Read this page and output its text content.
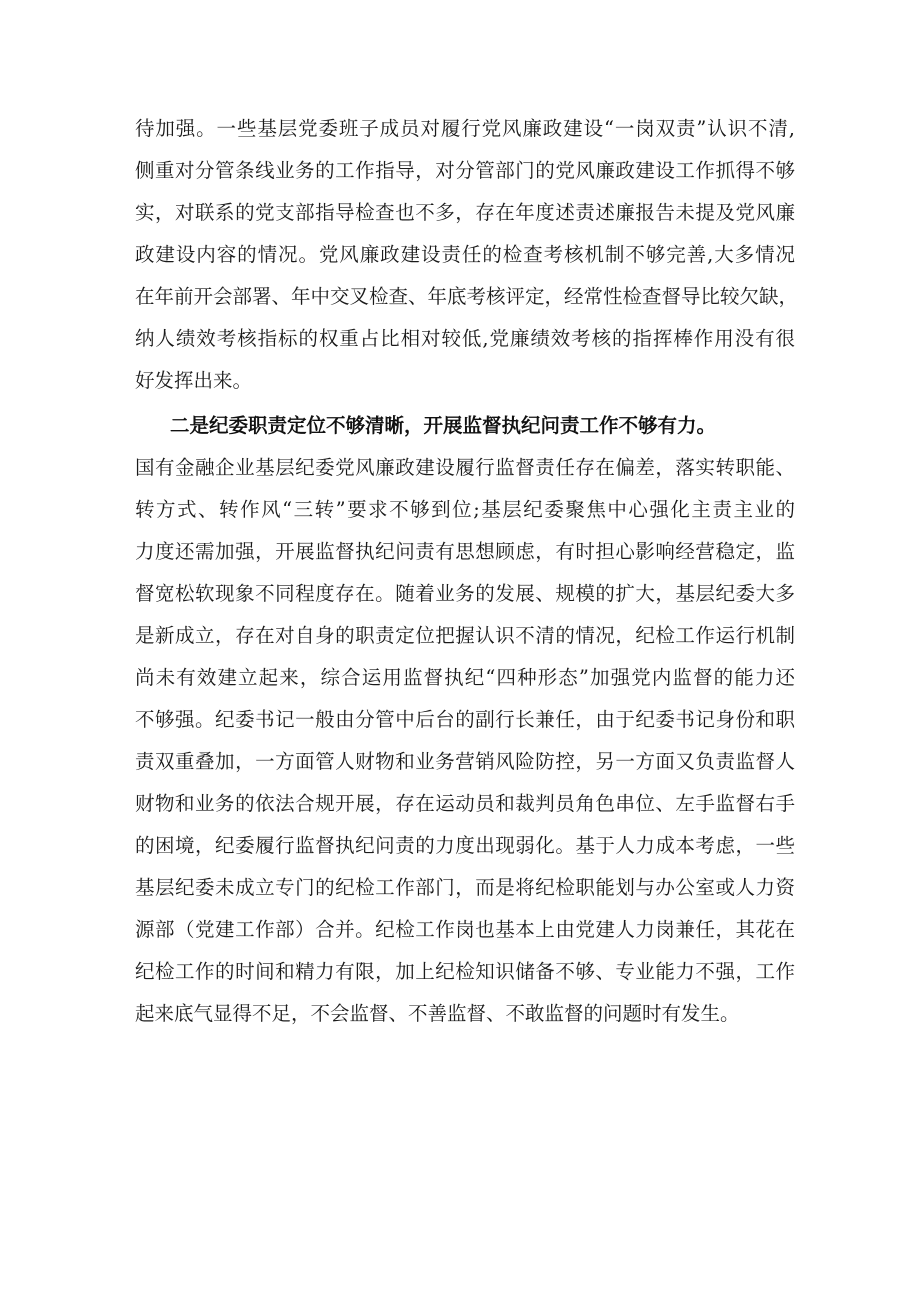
待加强。一些基层党委班子成员对履行党风廉政建设“一岗双责”认识不清,
侧重对分管条线业务的工作指导，对分管部门的党风廉政建设工作抓得不够
实，对联系的党支部指导检查也不多，存在年度述责述廉报告未提及党风廉
政建设内容的情况。党风廉政建设责任的检查考核机制不够完善,大多情况
在年前开会部署、年中交叉检查、年底考核评定，经常性检查督导比较欠缺，
纳人绩效考核指标的权重占比相对较低,党廉绩效考核的指挥棒作用没有很
好发挥出来。
二是纪委职责定位不够清晰，开展监督执纪问责工作不够有力。
国有金融企业基层纪委党风廉政建设履行监督责任存在偏差，落实转职能、
转方式、转作风“三转”要求不够到位;基层纪委聚焦中心强化主责主业的
力度还需加强，开展监督执纪问责有思想顾虑，有时担心影响经营稳定，监
督宽松软现象不同程度存在。随着业务的发展、规模的扩大，基层纪委大多
是新成立，存在对自身的职责定位把握认识不清的情况，纪检工作运行机制
尚未有效建立起来，综合运用监督执纪“四种形态”加强党内监督的能力还
不够强。纪委书记一般由分管中后台的副行长兼任，由于纪委书记身份和职
责双重叠加，一方面管人财物和业务营销风险防控，另一方面又负责监督人
财物和业务的依法合规开展，存在运动员和裁判员角色串位、左手监督右手
的困境，纪委履行监督执纪问责的力度出现弱化。基于人力成本考虑，一些
基层纪委未成立专门的纪检工作部门，而是将纪检职能划与办公室或人力资
源部（党建工作部）合并。纪检工作岗也基本上由党建人力岗兼任，其花在
纪检工作的时间和精力有限，加上纪检知识储备不够、专业能力不强，工作
起来底气显得不足，不会监督、不善监督、不敢监督的问题时有发生。
